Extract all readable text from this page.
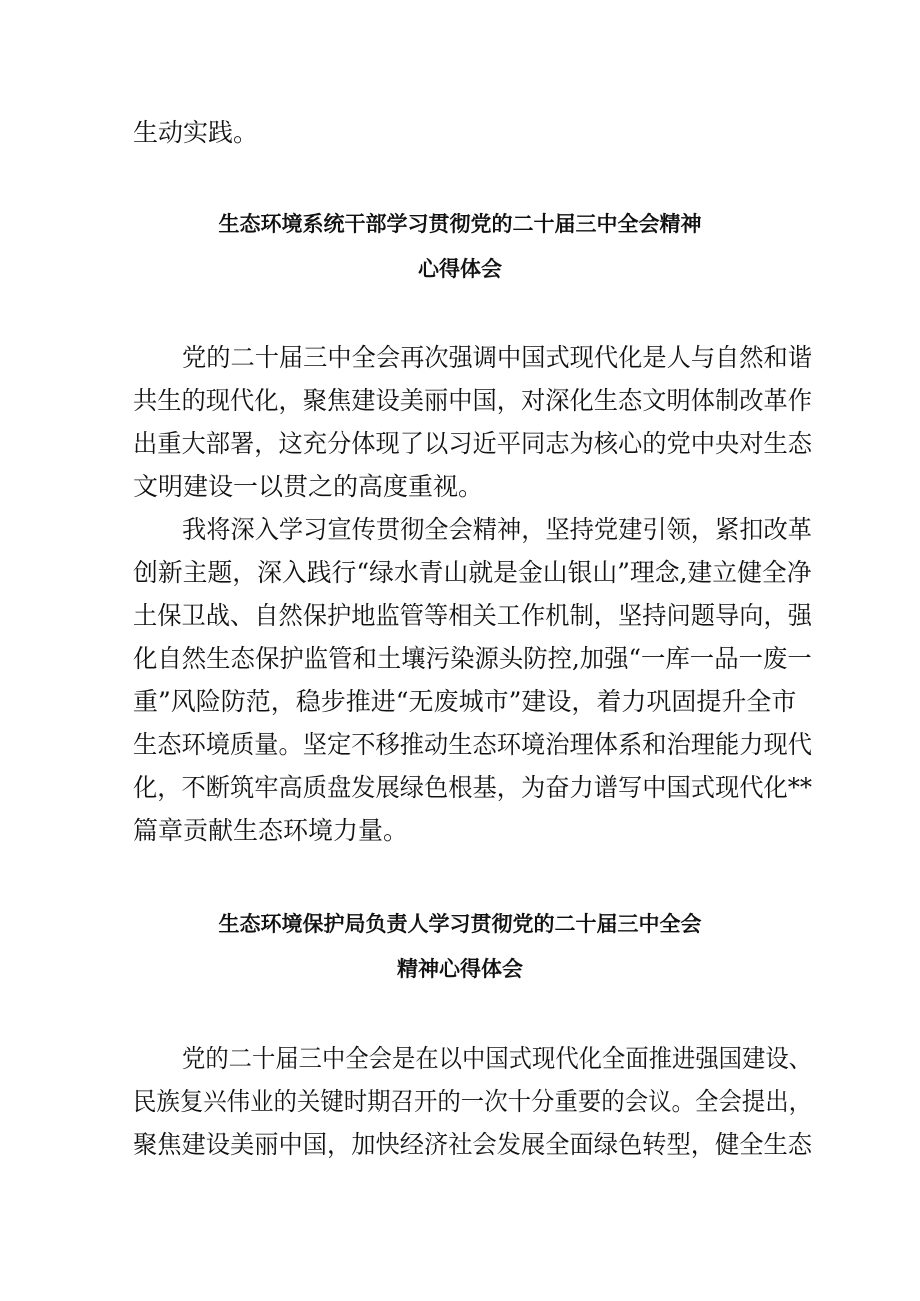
生动实践。
生态环境系统干部学习贯彻党的二十届三中全会精神
心得体会
党的二十届三中全会再次强调中国式现代化是人与自然和谐
共生的现代化，聚焦建设美丽中国，对深化生态文明体制改革作
出重大部署，这充分体现了以习近平同志为核心的党中央对生态
文明建设一以贯之的高度重视。
我将深入学习宣传贯彻全会精神，坚持党建引领，紧扣改革
创新主题，深入践行“绿水青山就是金山银山”理念,建立健全净
土保卫战、自然保护地监管等相关工作机制，坚持问题导向，强
化自然生态保护监管和土壤污染源头防控,加强“一库一品一废一
重”风险防范，稳步推进“无废城市”建设，着力巩固提升全市
生态环境质量。坚定不移推动生态环境治理体系和治理能力现代
化，不断筑牢高质盘发展绿色根基，为奋力谱写中国式现代化**
篇章贡献生态环境力量。
生态环境保护局负责人学习贯彻党的二十届三中全会
精神心得体会
党的二十届三中全会是在以中国式现代化全面推进强国建设、
民族复兴伟业的关键时期召开的一次十分重要的会议。全会提出，
聚焦建设美丽中国，加快经济社会发展全面绿色转型，健全生态
